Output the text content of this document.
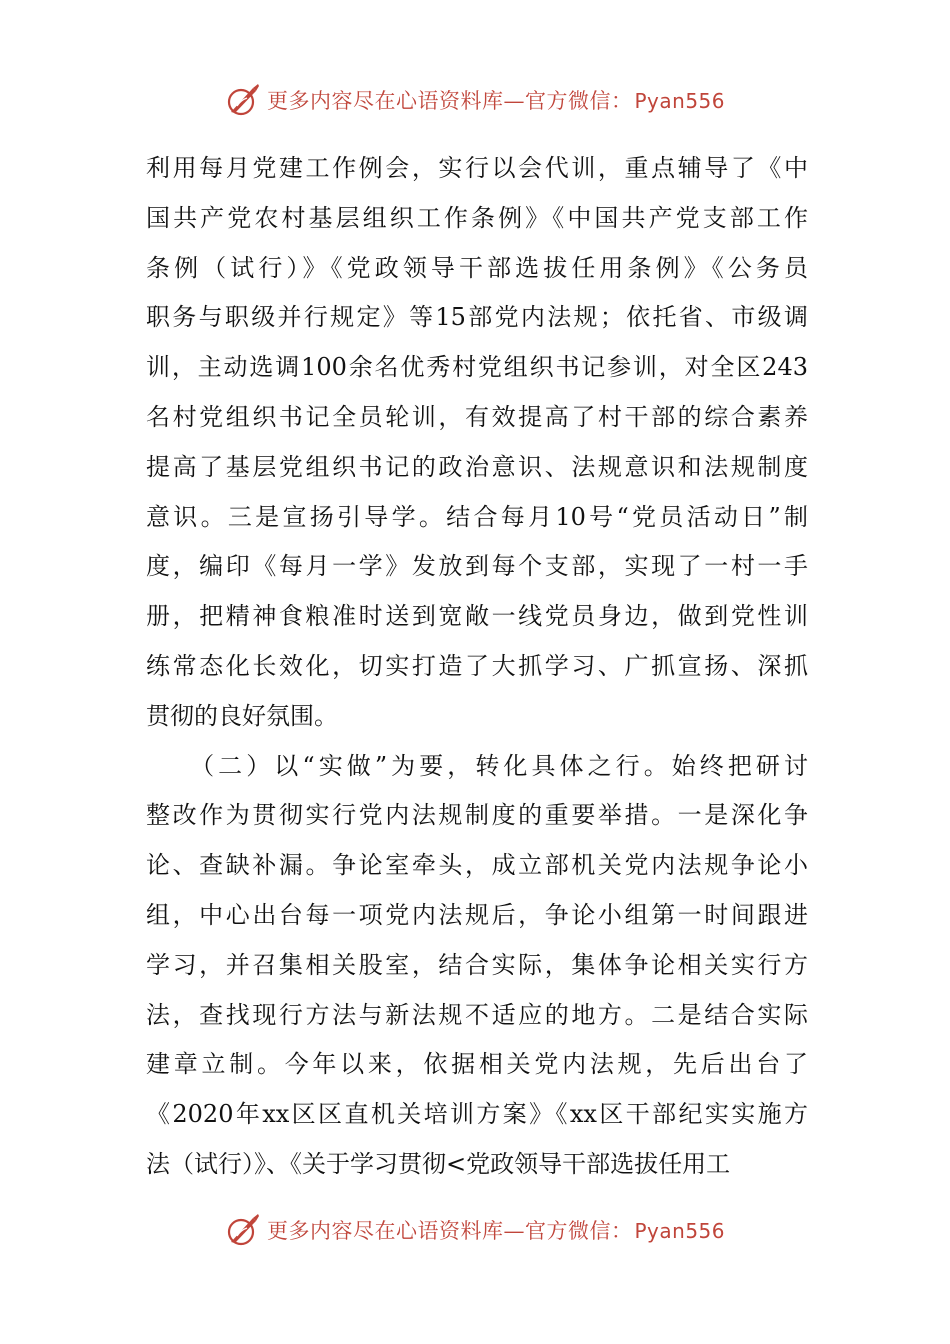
更多内容尽在心语资料库—官方微信： Pyan556
利用每月党建工作例会，实行以会代训，重点辅导了《中
国共产党农村基层组织工作条例》《中国共产党支部工作
条例（试行）》《党政领导干部选拔任用条例》《公务员
职务与职级并行规定》等15部党内法规；依托省、市级调
训，主动选调100余名优秀村党组织书记参训，对全区243
名村党组织书记全员轮训，有效提高了村干部的综合素养
提高了基层党组织书记的政治意识、法规意识和法规制度
意识。三是宣扬引导学。结合每月10号“党员活动日”制
度，编印《每月一学》发放到每个支部，实现了一村一手
册，把精神食粮准时送到宽敞一线党员身边，做到党性训
练常态化长效化，切实打造了大抓学习、广抓宣扬、深抓
贯彻的良好氛围。
　　（二）以“实做”为要，转化具体之行。始终把研讨
整改作为贯彻实行党内法规制度的重要举措。一是深化争
论、查缺补漏。争论室牵头，成立部机关党内法规争论小
组，中心出台每一项党内法规后，争论小组第一时间跟进
学习，并召集相关股室，结合实际，集体争论相关实行方
法，查找现行方法与新法规不适应的地方。二是结合实际
建章立制。今年以来，依据相关党内法规，先后出台了
《2020年xx区区直机关培训方案》《xx区干部纪实实施方
法（试行）》、《关于学习贯彻<党政领导干部选拔任用工
更多内容尽在心语资料库—官方微信： Pyan556
